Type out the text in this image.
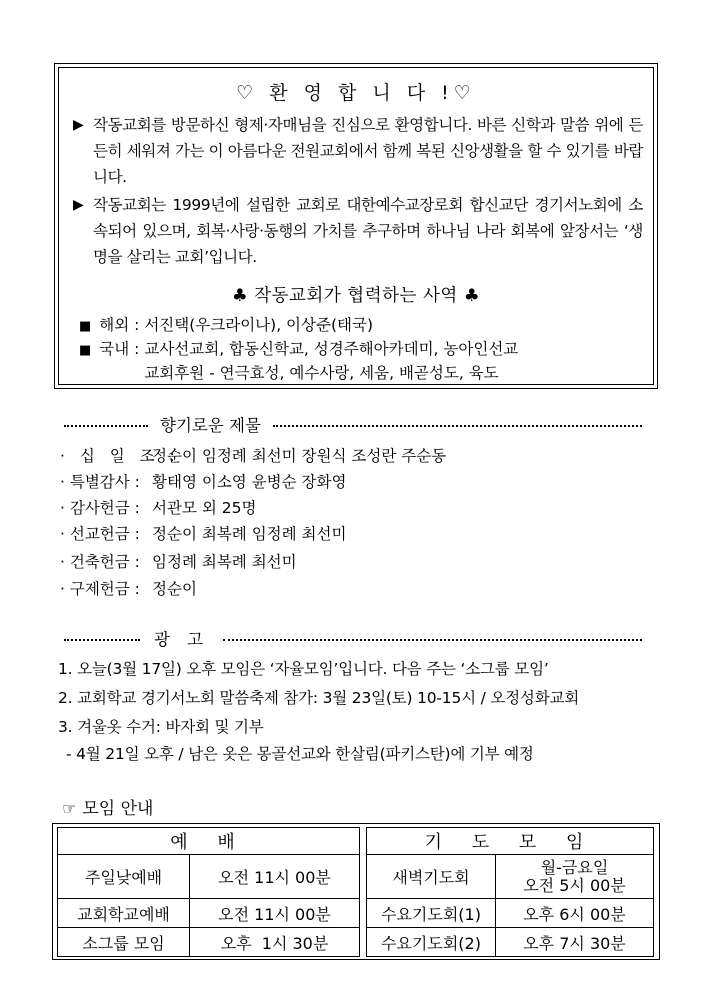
♡ 환 영 합 니 다 !♡
▶ 작동교회를 방문하신 형제·자매님을 진심으로 환영합니다. 바른 신학과 말씀 위에 든든히 세워져 가는 이 아름다운 전원교회에서 함께 복된 신앙생활을 할 수 있기를 바랍니다.
▶ 작동교회는 1999년에 설립한 교회로 대한예수교장로회 합신교단 경기서노회에 소속되어 있으며, 회복·사랑·동행의 가치를 추구하며 하나님 나라 회복에 앞장서는 ‘생명을 살리는 교회’입니다.
♣ 작동교회가 협력하는 사역 ♣
■ 해외 : 서진택(우크라이나), 이상준(태국)
■ 국내 : 교사선교회, 합동신학교, 성경주해아카데미, 농아인선교
교회후원 - 연극효성, 예수사랑, 세움, 배곧성도, 육도
향기로운 제물
· 십 일 조 :정순이 임정례 최선미 장원식 조성란 주순동
· 특별감사 :황태영 이소영 윤병순 장화영
· 감사헌금 :서관모 외 25명
· 선교헌금 :정순이 최복례 임정례 최선미
· 건축헌금 :임정례 최복례 최선미
· 구제헌금 :정순이
광 고
1. 오늘(3월 17일) 오후 모임은 ‘자율모임’입니다. 다음 주는 ‘소그룹 모임’
2. 교회학교 경기서노회 말씀축제 참가: 3월 23일(토) 10-15시 / 오정성화교회
3. 겨울옷 수거: 바자회 및 기부
- 4월 21일 오후 / 남은 옷은 몽골선교와 한살림(파키스탄)에 기부 예정
☞ 모임 안내
예 배	
주일낮예배	오전 11시 00분
교회학교예배	오전 11시 00분
소그룹 모임	오후  1시 30분
기 도 모 임	
새벽기도회	월-금요일
오전 5시 00분
수요기도회(1)	오후 6시 00분
수요기도회(2)	오후 7시 30분
